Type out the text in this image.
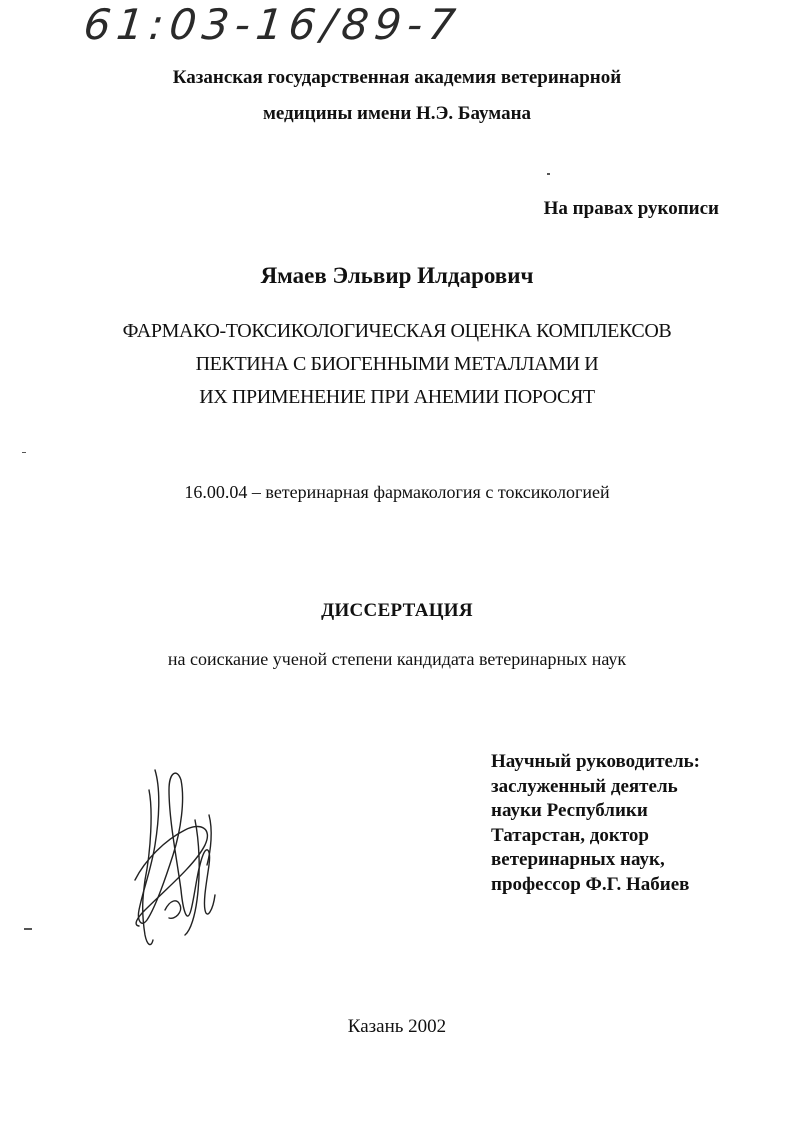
61:03-16/89-7
Казанская государственная академия ветеринарной
медицины имени Н.Э. Баумана
На правах рукописи
Ямаев Эльвир Илдарович
ФАРМАКО-ТОКСИКОЛОГИЧЕСКАЯ ОЦЕНКА КОМПЛЕКСОВ
ПЕКТИНА С БИОГЕННЫМИ МЕТАЛЛАМИ И
ИХ ПРИМЕНЕНИЕ ПРИ АНЕМИИ ПОРОСЯТ
16.00.04 – ветеринарная фармакология с токсикологией
ДИССЕРТАЦИЯ
на соискание ученой степени кандидата ветеринарных наук
Научный руководитель:
заслуженный деятель
науки Республики
Татарстан, доктор
ветеринарных наук,
профессор Ф.Г. Набиев
Казань 2002
